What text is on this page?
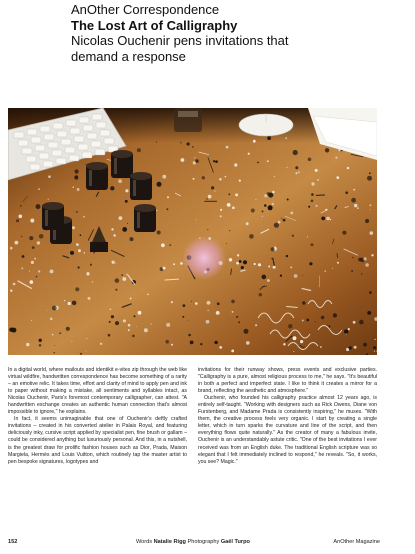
AnOther Correspondence
The Lost Art of Calligraphy
Nicolas Ouchenir pens invitations that
demand a response

In a digital world, where mailouts and identikit e-vites zip through the web like virtual wildfire, handwritten correspondence has become something of a rarity – an emotive relic. It takes time, effort and clarity of mind to apply pen and ink to paper without making a mistake, all sentiments and syllables intact, as Nicolas Ouchenir, Paris's foremost contemporary calligrapher, can attest. "A handwritten exchange creates an authentic human connection that's almost impossible to ignore," he explains.

In fact, it seems unimaginable that one of Ouchenir's deftly crafted invitations – created in his converted atelier in Palais Royal, and featuring deliciously inky, cursive script applied by specialist pen, fine brush or gallam – could be considered anything but luxuriously personal. And this, in a nutshell, is the greatest draw for prolific fashion houses such as Dior, Prada, Maison Margiela, Hermès and Louis Vuitton, which routinely tap the master artist to pen bespoke signatures, logotypes and

invitations for their runway shows, press events and exclusive parties. "Calligraphy is a pure, almost religious process to me," he says. "It's beautiful in both a perfect and imperfect state. I like to think it creates a mirror for a brand, reflecting the aesthetic and atmosphere."

Ouchenir, who founded his calligraphy practice almost 12 years ago, is entirely self-taught. "Working with designers such as Rick Owens, Diane von Furstenberg, and Madame Prada is consistently inspiring," he muses. "With them, the creative process feels very organic. I start by creating a single letter, which in turn sparks the curvature and line of the script, and then everything flows quite naturally." As the creator of many a fabulous invite, Ouchenir is an understandably astute critic. "One of the best invitations I ever received was from an English duke. The traditional English scripture was so elegant that I felt immediately inclined to respond," he reveals. "So, it works, you see? Magic."

152	Words Natalie Rigg Photography Gaël Turpo	AnOther Magazine
